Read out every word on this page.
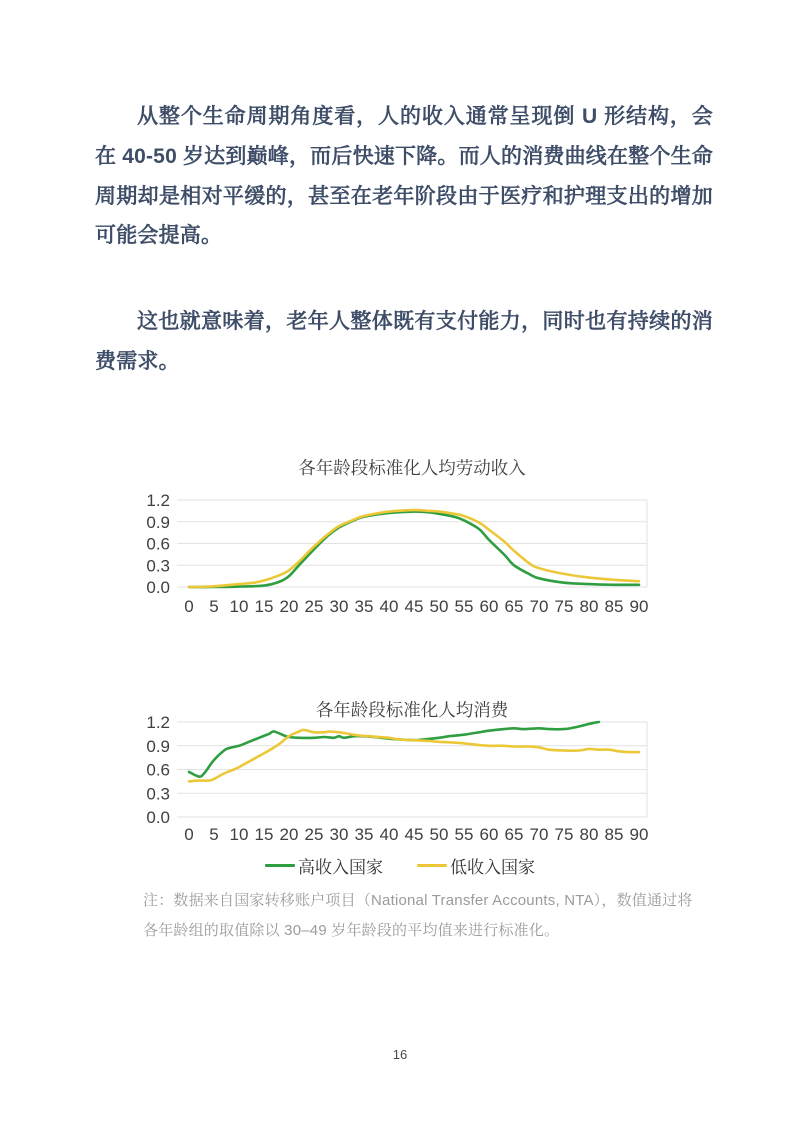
从整个生命周期角度看，人的收入通常呈现倒 U 形结构，会在 40-50 岁达到巅峰，而后快速下降。而人的消费曲线在整个生命周期却是相对平缓的，甚至在老年阶段由于医疗和护理支出的增加可能会提高。

这也就意味着，老年人整体既有支付能力，同时也有持续的消费需求。

各年龄段标准化人均劳动收入
1.2
0.9
0.6
0.3
0.0
0 5 10 15 20 25 30 35 40 45 50 55 60 65 70 75 80 85 90
各年龄段标准化人均消费
1.2
0.9
0.6
0.3
0.0
0 5 10 15 20 25 30 35 40 45 50 55 60 65 70 75 80 85 90
高收入国家	低收入国家
注：数据来自国家转移账户项目（National Transfer Accounts, NTA），数值通过将
各年龄组的取值除以 30–49 岁年龄段的平均值来进行标准化。
16
